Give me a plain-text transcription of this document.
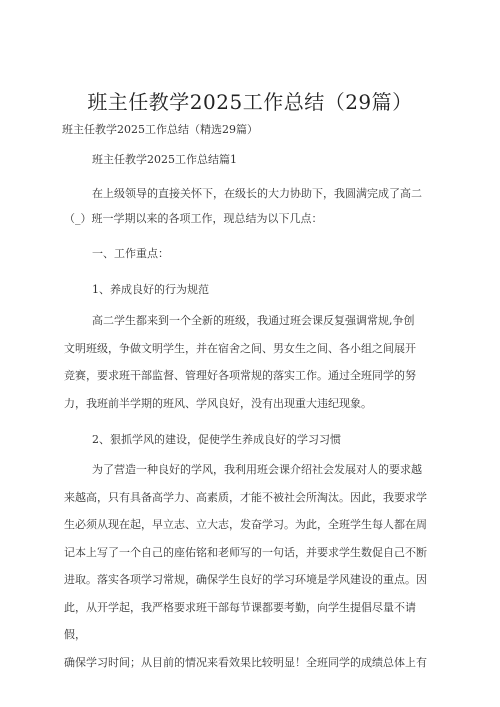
班主任教学2025工作总结（29篇）
班主任教学2025工作总结（精选29篇）
班主任教学2025工作总结篇1
在上级领导的直接关怀下，在级长的大力协助下，我圆满完成了高二
（_）班一学期以来的各项工作，现总结为以下几点：
一、工作重点：
1、养成良好的行为规范

高二学生都来到一个全新的班级，我通过班会课反复强调常规,争创

文明班级，争做文明学生，并在宿舍之间、男女生之间、各小组之间展开

竞赛，要求班干部监督、管理好各项常规的落实工作。通过全班同学的努

力，我班前半学期的班风、学风良好，没有出现重大违纪现象。

2、狠抓学风的建设，促使学生养成良好的学习习惯

为了营造一种良好的学风，我利用班会课介绍社会发展对人的要求越

来越高，只有具备高学力、高素质，才能不被社会所淘汰。因此，我要求学

生必须从现在起，早立志、立大志，发奋学习。为此，全班学生每人都在周

记本上写了一个自己的座佑铭和老师写的一句话，并要求学生数促自己不断

进取。落实各项学习常规，确保学生良好的学习环境是学风建设的重点。因

此，从开学起，我严格要求班干部每节课都要考勤，向学生提倡尽量不请假，

确保学习时间；从目前的情况来看效果比较明显！全班同学的成绩总体上有
